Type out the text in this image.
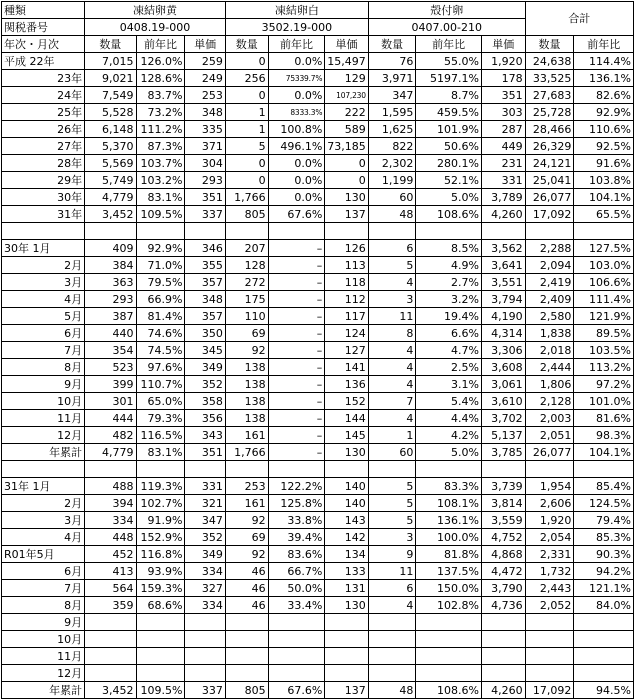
種類	凍結卵黄			凍結卵白			殻付卵			合計	
関税番号	0408.19-000			3502.19-000			0407.00-210				
年次・月次	数量	前年比	単価	数量	前年比	単価	数量	前年比	単価	数量	前年比
平成 22年	7,015	126.0%	259	0	0.0%	15,497	76	55.0%	1,920	24,638	114.4%
23年	9,021	128.6%	249	256	75339.7%	129	3,971	5197.1%	178	33,525	136.1%
24年	7,549	83.7%	253	0	0.0%	107,230	347	8.7%	351	27,683	82.6%
25年	5,528	73.2%	348	1	8333.3%	222	1,595	459.5%	303	25,728	92.9%
26年	6,148	111.2%	335	1	100.8%	589	1,625	101.9%	287	28,466	110.6%
27年	5,370	87.3%	371	5	496.1%	73,185	822	50.6%	449	26,329	92.5%
28年	5,569	103.7%	304	0	0.0%	0	2,302	280.1%	231	24,121	91.6%
29年	5,749	103.2%	293	0	0.0%	0	1,199	52.1%	331	25,041	103.8%
30年	4,779	83.1%	351	1,766	0.0%	130	60	5.0%	3,789	26,077	104.1%
31年	3,452	109.5%	337	805	67.6%	137	48	108.6%	4,260	17,092	65.5%

30年 1月	409	92.9%	346	207	–	126	6	8.5%	3,562	2,288	127.5%
2月	384	71.0%	355	128	–	113	5	4.9%	3,641	2,094	103.0%
3月	363	79.5%	357	272	–	118	4	2.7%	3,551	2,419	106.6%
4月	293	66.9%	348	175	–	112	3	3.2%	3,794	2,409	111.4%
5月	387	81.4%	357	110	–	117	11	19.4%	4,190	2,580	121.9%
6月	440	74.6%	350	69	–	124	8	6.6%	4,314	1,838	89.5%
7月	354	74.5%	345	92	–	127	4	4.7%	3,306	2,018	103.5%
8月	523	97.6%	349	138	–	141	4	2.5%	3,608	2,444	113.2%
9月	399	110.7%	352	138	–	136	4	3.1%	3,061	1,806	97.2%
10月	301	65.0%	358	138	–	152	7	5.4%	3,610	2,128	101.0%
11月	444	79.3%	356	138	–	144	4	4.4%	3,702	2,003	81.6%
12月	482	116.5%	343	161	–	145	1	4.2%	5,137	2,051	98.3%
年累計	4,779	83.1%	351	1,766	–	130	60	5.0%	3,785	26,077	104.1%

31年 1月	488	119.3%	331	253	122.2%	140	5	83.3%	3,739	1,954	85.4%
2月	394	102.7%	321	161	125.8%	140	5	108.1%	3,814	2,606	124.5%
3月	334	91.9%	347	92	33.8%	143	5	136.1%	3,559	1,920	79.4%
4月	448	152.9%	352	69	39.4%	142	3	100.0%	4,752	2,054	85.3%
R01年5月	452	116.8%	349	92	83.6%	134	9	81.8%	4,868	2,331	90.3%
6月	413	93.9%	334	46	66.7%	133	11	137.5%	4,472	1,732	94.2%
7月	564	159.3%	327	46	50.0%	131	6	150.0%	3,790	2,443	121.1%
8月	359	68.6%	334	46	33.4%	130	4	102.8%	4,736	2,052	84.0%
9月											
10月											
11月											
12月											
年累計	3,452	109.5%	337	805	67.6%	137	48	108.6%	4,260	17,092	94.5%
